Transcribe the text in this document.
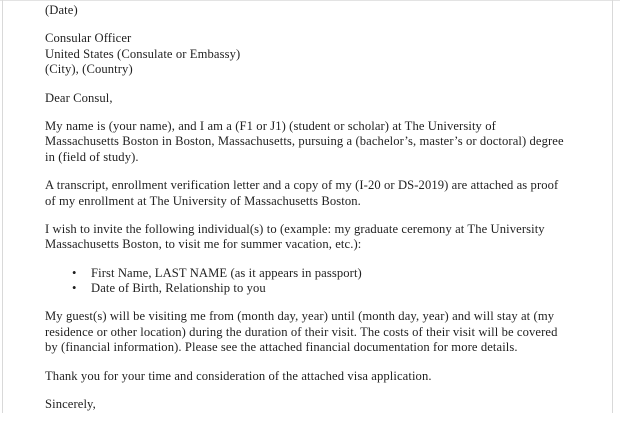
(Date)
Consular Officer
United States (Consulate or Embassy)
(City), (Country)
Dear Consul,
My name is (your name), and I am a (F1 or J1) (student or scholar) at The University of
Massachusetts Boston in Boston, Massachusetts, pursuing a (bachelor’s, master’s or doctoral) degree
in (field of study).
A transcript, enrollment verification letter and a copy of my (I-20 or DS-2019) are attached as proof
of my enrollment at The University of Massachusetts Boston.
I wish to invite the following individual(s) to (example: my graduate ceremony at The University
Massachusetts Boston, to visit me for summer vacation, etc.):
• First Name, LAST NAME (as it appears in passport)
• Date of Birth, Relationship to you
My guest(s) will be visiting me from (month day, year) until (month day, year) and will stay at (my
residence or other location) during the duration of their visit. The costs of their visit will be covered
by (financial information). Please see the attached financial documentation for more details.
Thank you for your time and consideration of the attached visa application.
Sincerely,
